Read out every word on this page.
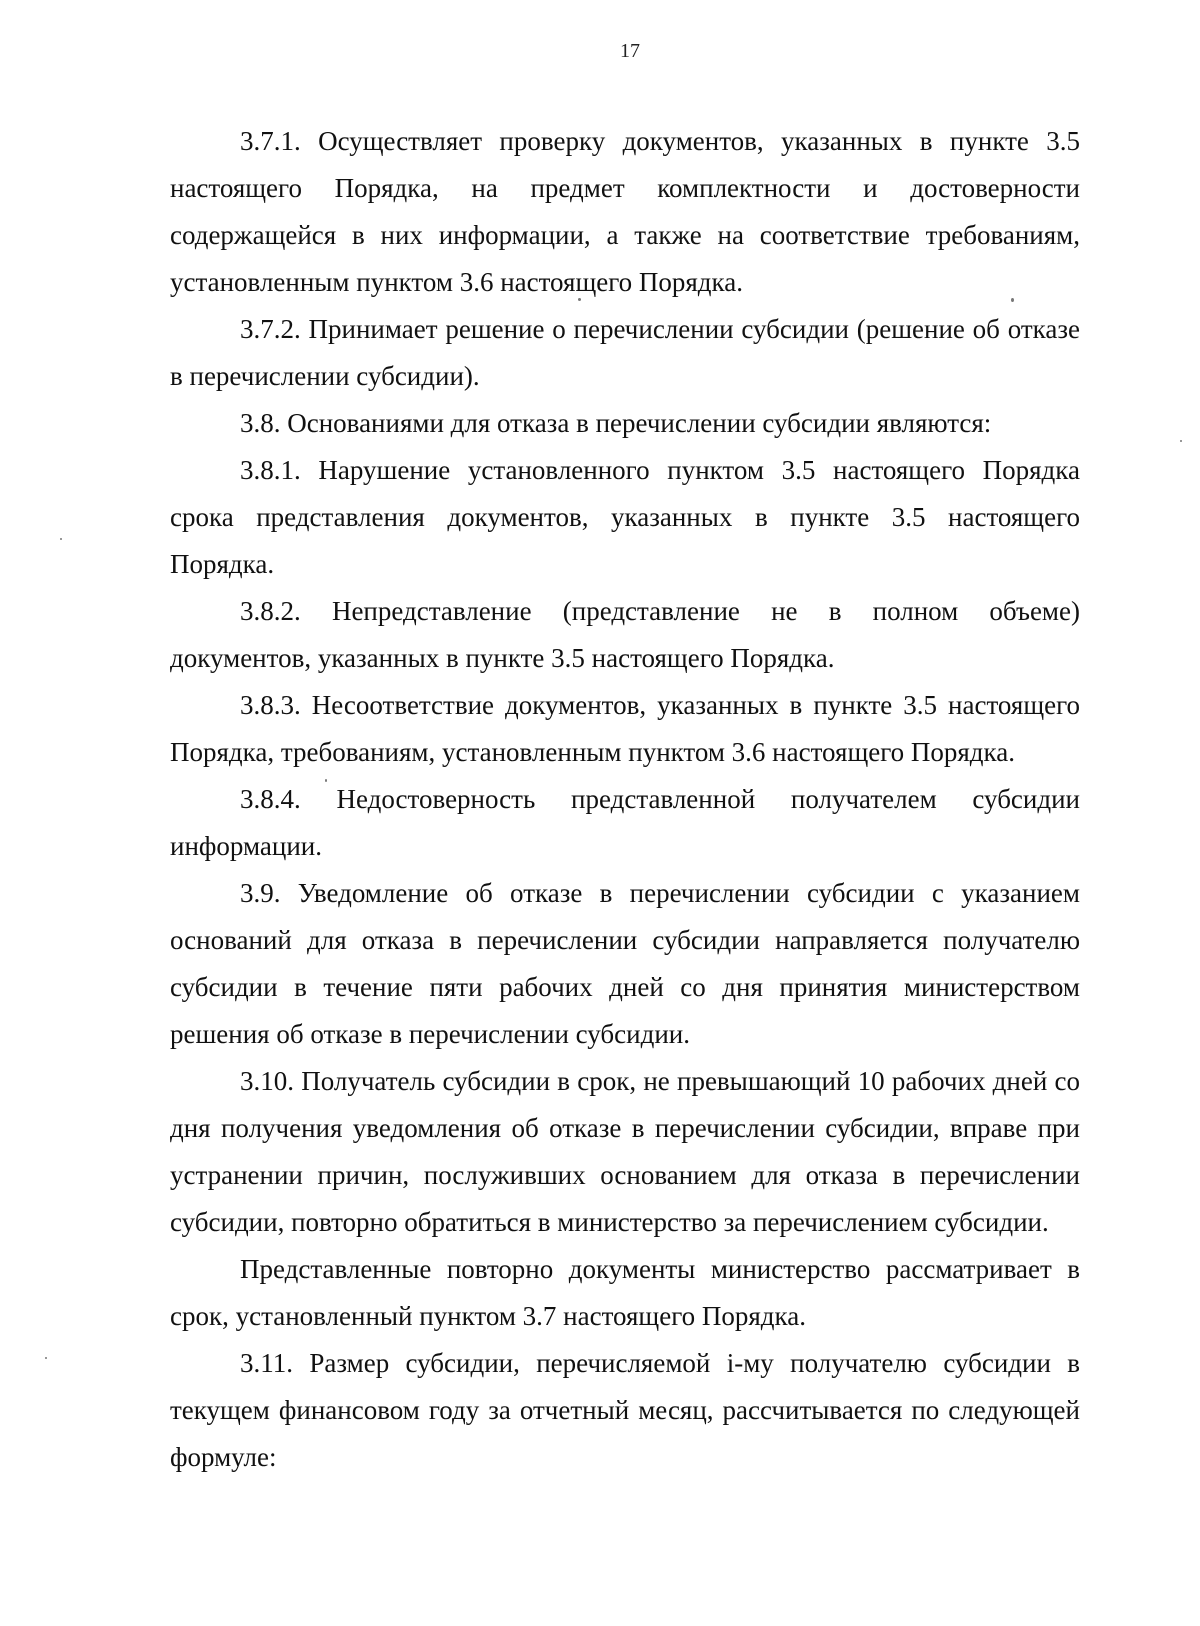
17

3.7.1. Осуществляет проверку документов, указанных в пункте 3.5 настоящего Порядка, на предмет комплектности и достоверности содержащейся в них информации, а также на соответствие требованиям, установленным пунктом 3.6 настоящего Порядка.

3.7.2. Принимает решение о перечислении субсидии (решение об отказе в перечислении субсидии).

3.8. Основаниями для отказа в перечислении субсидии являются:

3.8.1. Нарушение установленного пунктом 3.5 настоящего Порядка срока представления документов, указанных в пункте 3.5 настоящего Порядка.

3.8.2. Непредставление (представление не в полном объеме) документов, указанных в пункте 3.5 настоящего Порядка.

3.8.3. Несоответствие документов, указанных в пункте 3.5 настоящего Порядка, требованиям, установленным пунктом 3.6 настоящего Порядка.

3.8.4. Недостоверность представленной получателем субсидии информации.

3.9. Уведомление об отказе в перечислении субсидии с указанием оснований для отказа в перечислении субсидии направляется получателю субсидии в течение пяти рабочих дней со дня принятия министерством решения об отказе в перечислении субсидии.

3.10. Получатель субсидии в срок, не превышающий 10 рабочих дней со дня получения уведомления об отказе в перечислении субсидии, вправе при устранении причин, послуживших основанием для отказа в перечислении субсидии, повторно обратиться в министерство за перечислением субсидии.

Представленные повторно документы министерство рассматривает в срок, установленный пунктом 3.7 настоящего Порядка.

3.11. Размер субсидии, перечисляемой i-му получателю субсидии в текущем финансовом году за отчетный месяц, рассчитывается по следующей формуле:
